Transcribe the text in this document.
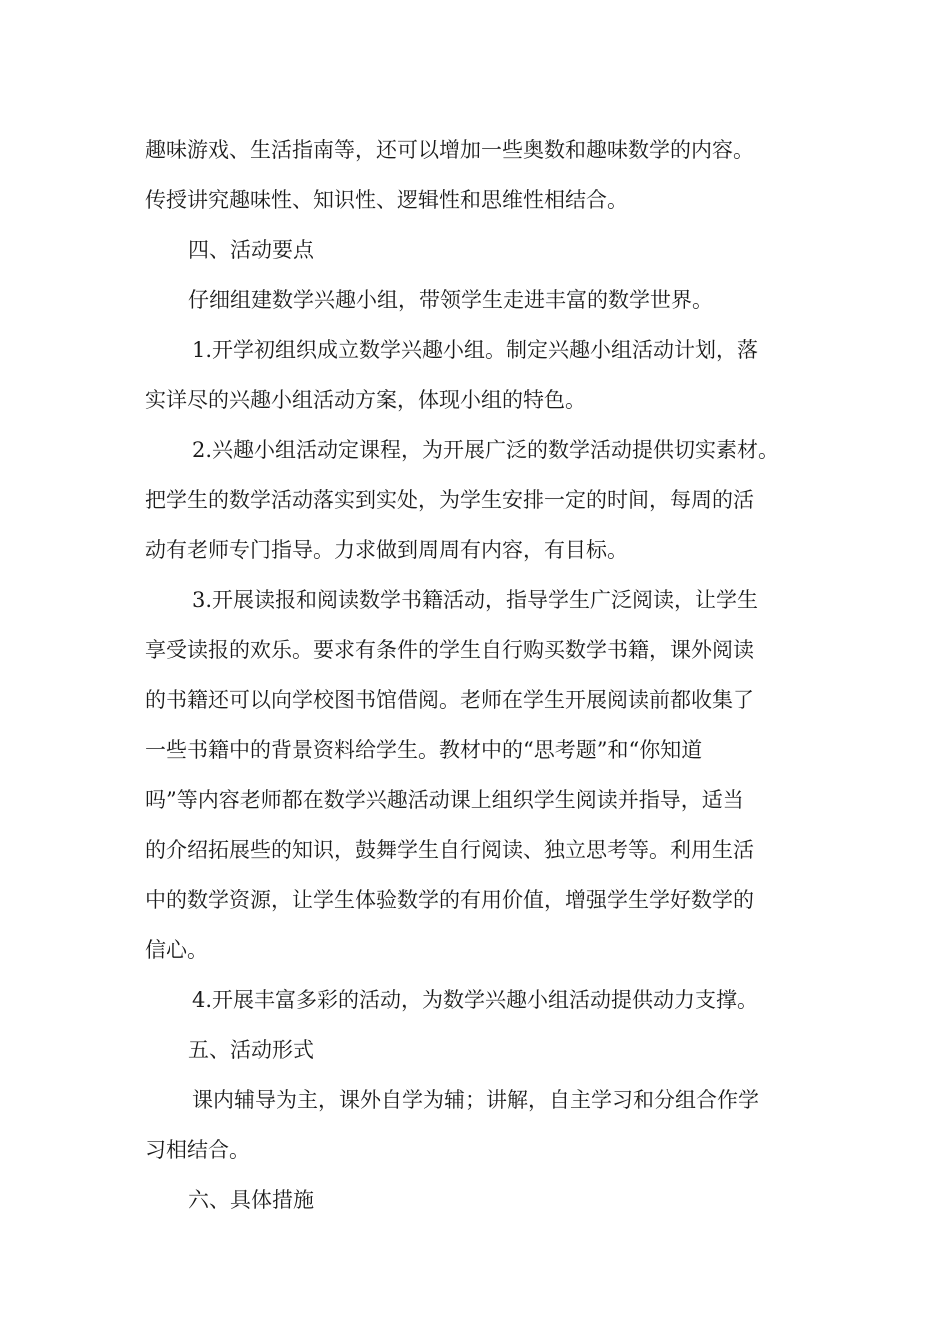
趣味游戏、生活指南等，还可以增加一些奥数和趣味数学的内容。

传授讲究趣味性、知识性、逻辑性和思维性相结合。

四、活动要点

仔细组建数学兴趣小组，带领学生走进丰富的数学世界。

1.开学初组织成立数学兴趣小组。制定兴趣小组活动计划，落

实详尽的兴趣小组活动方案，体现小组的特色。

2.兴趣小组活动定课程，为开展广泛的数学活动提供切实素材。

把学生的数学活动落实到实处，为学生安排一定的时间，每周的活

动有老师专门指导。力求做到周周有内容，有目标。

3.开展读报和阅读数学书籍活动，指导学生广泛阅读，让学生

享受读报的欢乐。要求有条件的学生自行购买数学书籍，课外阅读

的书籍还可以向学校图书馆借阅。老师在学生开展阅读前都收集了

一些书籍中的背景资料给学生。教材中的“思考题”和“你知道

吗”等内容老师都在数学兴趣活动课上组织学生阅读并指导，适当

的介绍拓展些的知识，鼓舞学生自行阅读、独立思考等。利用生活

中的数学资源，让学生体验数学的有用价值，增强学生学好数学的

信心。

4.开展丰富多彩的活动，为数学兴趣小组活动提供动力支撑。

五、活动形式

课内辅导为主，课外自学为辅；讲解，自主学习和分组合作学

习相结合。

六、具体措施
